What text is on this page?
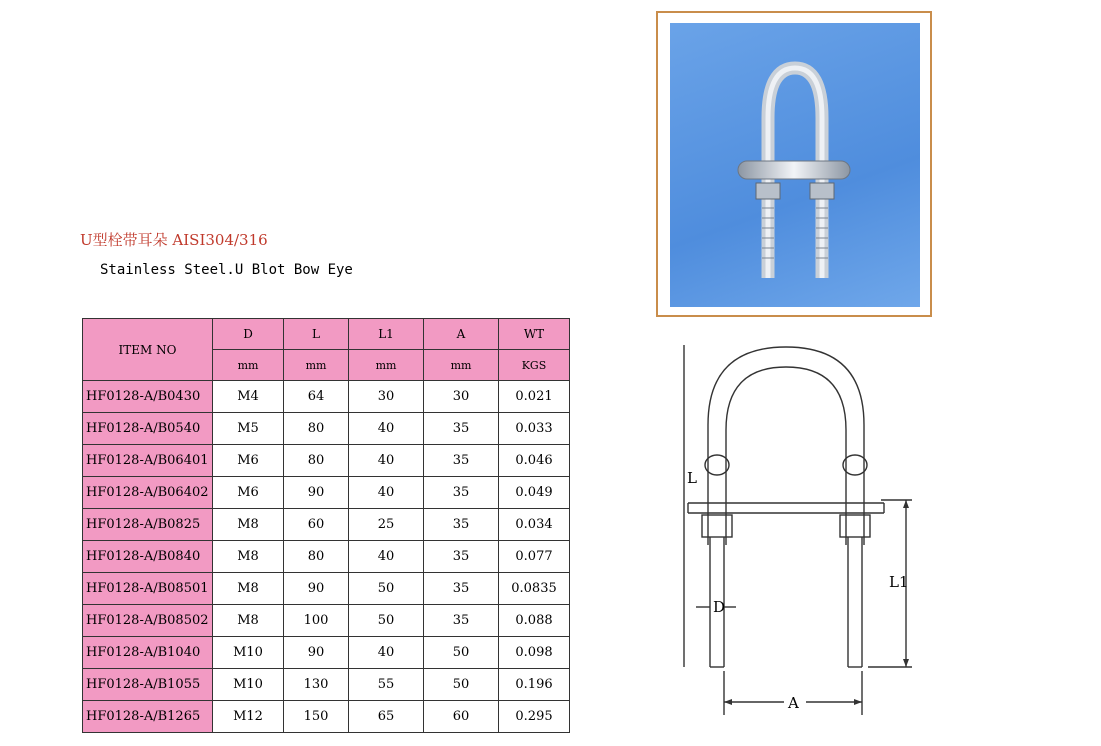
U型栓带耳朵 AISI304/316
Stainless Steel.U Blot Bow Eye
ITEM NO	D	L	L1	A	WT
	mm	mm	mm	mm	KGS
HF0128-A/B0430	M4	64	30	30	0.021
HF0128-A/B0540	M5	80	40	35	0.033
HF0128-A/B06401	M6	80	40	35	0.046
HF0128-A/B06402	M6	90	40	35	0.049
HF0128-A/B0825	M8	60	25	35	0.034
HF0128-A/B0840	M8	80	40	35	0.077
HF0128-A/B08501	M8	90	50	35	0.0835
HF0128-A/B08502	M8	100	50	35	0.088
HF0128-A/B1040	M10	90	40	50	0.098
HF0128-A/B1055	M10	130	55	50	0.196
HF0128-A/B1265	M12	150	65	60	0.295
L
L1
D
A
